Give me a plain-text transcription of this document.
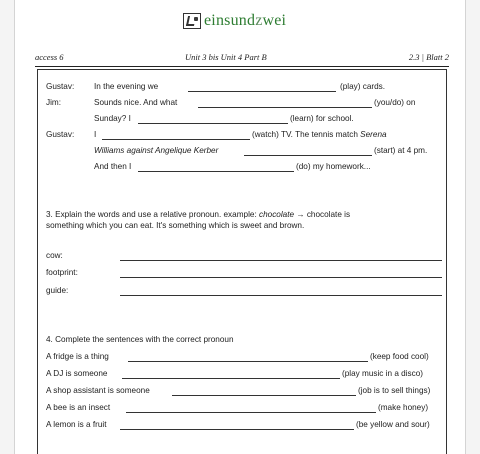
einsundzwei
access 6	Unit 3 bis Unit 4 Part B	2.3 | Blatt 2
Gustav: In the evening we	(play) cards.
Jim:	Sounds nice. And what	(you/do) on
Sunday? I	(learn) for school.
Gustav: I	(watch) TV. The tennis match Serena
Williams against Angelique Kerber	(start) at 4 pm.
And then I	(do) my homework...
3. Explain the words and use a relative pronoun. example: chocolate → chocolate is
something which you can eat. It's something which is sweet and brown.
cow:
footprint:
guide:
4. Complete the sentences with the correct pronoun
A fridge is a thing	(keep food cool)
A DJ is someone	(play music in a disco)
A shop assistant is someone	(job is to sell things)
A bee is an insect	(make honey)
A lemon is a fruit	(be yellow and sour)
